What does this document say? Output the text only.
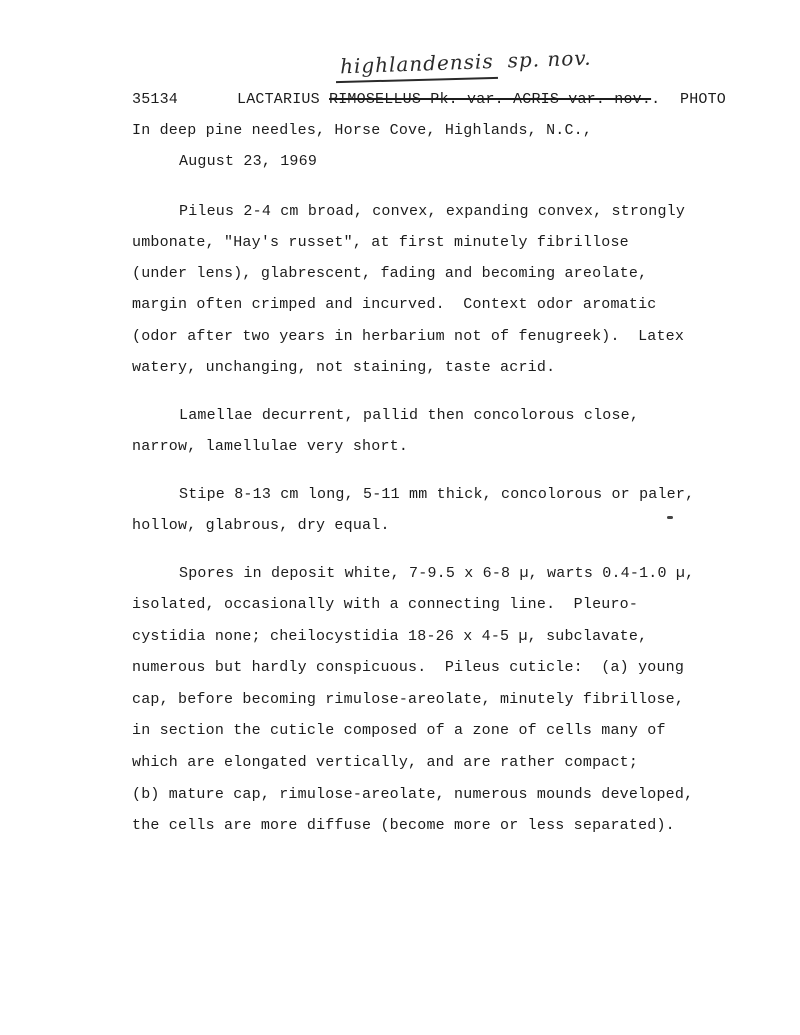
highlandensis sp. nov.
35134	LACTARIUS RIMOSELLUS Pk. var. ACRIS var. nov.. PHOTO
In deep pine needles, Horse Cove, Highlands, N.C.,
August 23, 1969
Pileus 2-4 cm broad, convex, expanding convex, strongly
umbonate, "Hay's russet", at first minutely fibrillose
(under lens), glabrescent, fading and becoming areolate,
margin often crimped and incurved.  Context odor aromatic
(odor after two years in herbarium not of fenugreek).  Latex
watery, unchanging, not staining, taste acrid.
Lamellae decurrent, pallid then concolorous close,
narrow, lamellulae very short.
Stipe 8-13 cm long, 5-11 mm thick, concolorous or paler,
hollow, glabrous, dry equal.
Spores in deposit white, 7-9.5 x 6-8 µ, warts 0.4-1.0 µ,
isolated, occasionally with a connecting line.  Pleuro-
cystidia none; cheilocystidia 18-26 x 4-5 µ, subclavate,
numerous but hardly conspicuous.  Pileus cuticle:  (a) young
cap, before becoming rimulose-areolate, minutely fibrillose,
in section the cuticle composed of a zone of cells many of
which are elongated vertically, and are rather compact;
(b) mature cap, rimulose-areolate, numerous mounds developed,
the cells are more diffuse (become more or less separated).
